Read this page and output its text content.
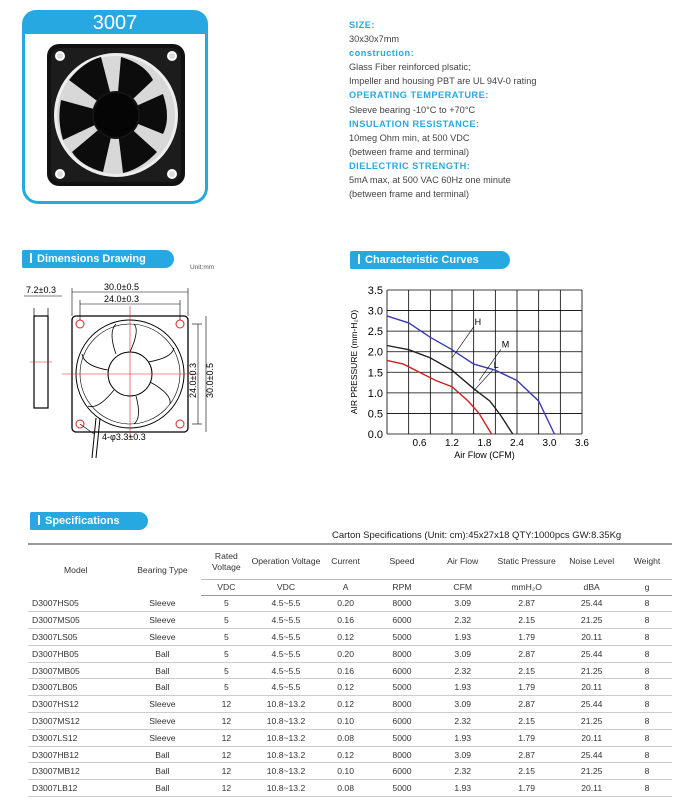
3007	SIZE:
30x30x7mm
construction:
Glass Fiber reinforced plsatic;
Impeller and housing PBT are UL 94V-0 rating
OPERATING TEMPERATURE:
Sleeve bearing -10°C to +70°C
INSULATION RESISTANCE:
10meg Ohm min, at 500 VDC
(between frame and terminal)
DIELECTRIC STRENGTH:
5mA max, at 500 VAC 60Hz one minute
(between frame and terminal)
Dimensions Drawing
Unit:mm
7.2±0.3	30.0±0.5
24.0±0.3
24.0±0.3 30.0±0.5
4-φ3.3±0.3
Characteristic Curves
0.0
0.5
1.0
1.5
2.0
2.5
3.0
3.5
0.6 1.2 1.8 2.4 3.0 3.6
Air Flow (CFM)
AIR PRESSURE (mm-H₂O)	H
M
L
Specifications
Carton Specifications (Unit: cm):45x27x18 QTY:1000pcs GW:8.35Kg
Model	Bearing Type	Rated Voltage	Operation Voltage	Current	Speed	Air Flow	Static Pressure	Noise Level	Weight
		VDC	VDC	A	RPM	CFM	mmH₂O	dBA	g
D3007HS05	Sleeve	5	4.5~5.5	0.20	8000	3.09	2.87	25.44	8
D3007MS05	Sleeve	5	4.5~5.5	0.16	6000	2.32	2.15	21.25	8
D3007LS05	Sleeve	5	4.5~5.5	0.12	5000	1.93	1.79	20.11	8
D3007HB05	Ball	5	4.5~5.5	0.20	8000	3.09	2.87	25.44	8
D3007MB05	Ball	5	4.5~5.5	0.16	6000	2.32	2.15	21.25	8
D3007LB05	Ball	5	4.5~5.5	0.12	5000	1.93	1.79	20.11	8
D3007HS12	Sleeve	12	10.8~13.2	0.12	8000	3.09	2.87	25.44	8
D3007MS12	Sleeve	12	10.8~13.2	0.10	6000	2.32	2.15	21.25	8
D3007LS12	Sleeve	12	10.8~13.2	0.08	5000	1.93	1.79	20.11	8
D3007HB12	Ball	12	10.8~13.2	0.12	8000	3.09	2.87	25.44	8
D3007MB12	Ball	12	10.8~13.2	0.10	6000	2.32	2.15	21.25	8
D3007LB12	Ball	12	10.8~13.2	0.08	5000	1.93	1.79	20.11	8
